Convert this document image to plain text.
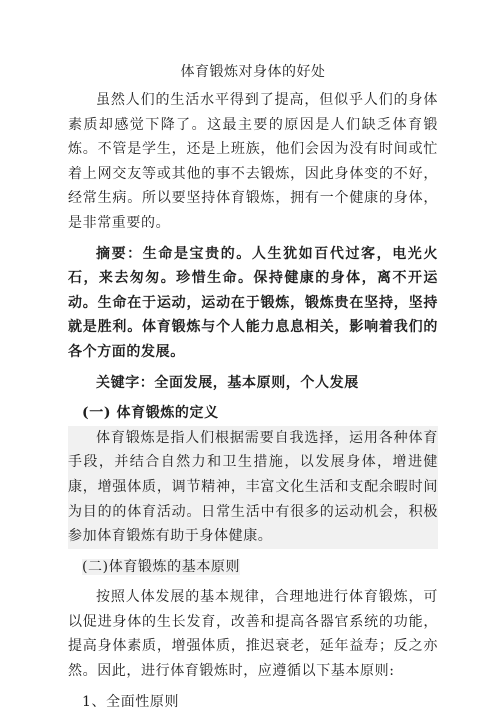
体育锻炼对身体的好处

虽然人们的生活水平得到了提高，但似乎人们的身体素质却感觉下降了。这最主要的原因是人们缺乏体育锻炼。不管是学生，还是上班族，他们会因为没有时间或忙着上网交友等或其他的事不去锻炼，因此身体变的不好，经常生病。所以要坚持体育锻炼，拥有一个健康的身体，是非常重要的。

摘要：生命是宝贵的。人生犹如百代过客，电光火石，来去匆匆。珍惜生命。保持健康的身体，离不开运动。生命在于运动，运动在于锻炼，锻炼贵在坚持，坚持就是胜利。体育锻炼与个人能力息息相关，影响着我们的各个方面的发展。

关键字：全面发展，基本原则，个人发展

(一) 体育锻炼的定义

体育锻炼是指人们根据需要自我选择，运用各种体育手段，并结合自然力和卫生措施，以发展身体，增进健康，增强体质，调节精神，丰富文化生活和支配余暇时间为目的的体育活动。日常生活中有很多的运动机会，积极参加体育锻炼有助于身体健康。

(二)体育锻炼的基本原则

按照人体发展的基本规律，合理地进行体育锻炼，可以促进身体的生长发育，改善和提高各器官系统的功能，提高身体素质，增强体质，推迟衰老，延年益寿；反之亦然。因此，进行体育锻炼时，应遵循以下基本原则:

1、全面性原则
